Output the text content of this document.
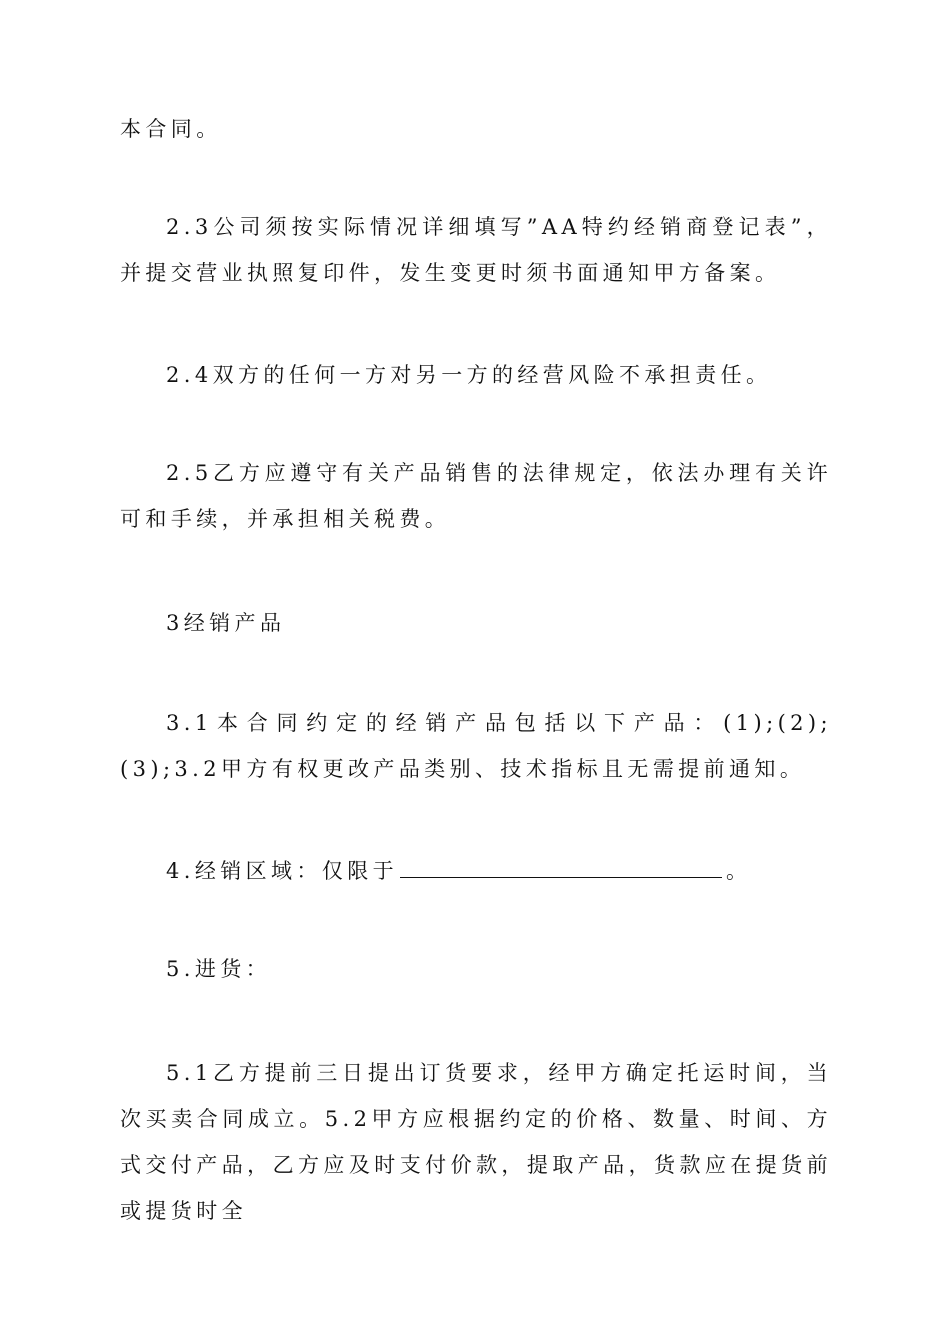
本合同。

2.3公司须按实际情况详细填写”AA特约经销商登记表”，并提交营业执照复印件，发生变更时须书面通知甲方备案。

2.4双方的任何一方对另一方的经营风险不承担责任。

2.5乙方应遵守有关产品销售的法律规定，依法办理有关许可和手续，并承担相关税费。

3经销产品

3.1本合同约定的经销产品包括以下产品：(1);(2);(3);3.2甲方有权更改产品类别、技术指标且无需提前通知。

4.经销区域：仅限于	。

5.进货：

5.1乙方提前三日提出订货要求，经甲方确定托运时间，当次买卖合同成立。5.2甲方应根据约定的价格、数量、时间、方式交付产品，乙方应及时支付价款，提取产品，货款应在提货前或提货时全
